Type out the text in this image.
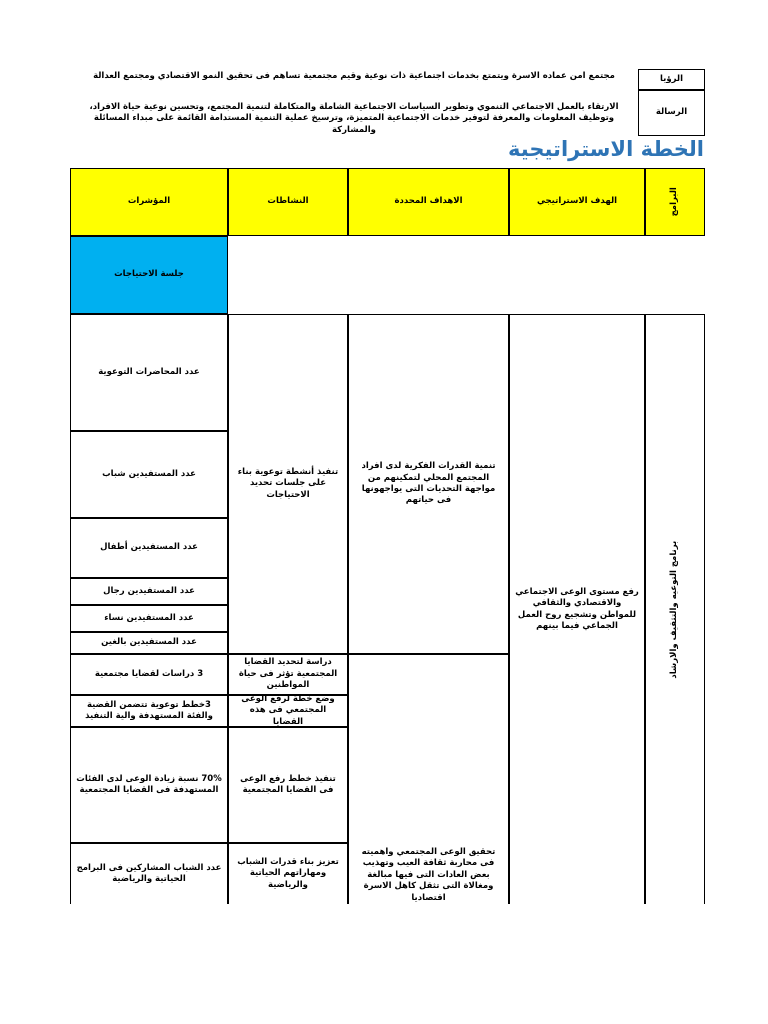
الرؤيا
الرسالة
مجتمع امن عماده الاسرة ويتمتع بخدمات اجتماعية ذات نوعية وقيم مجتمعية تساهم فى تحقيق النمو الاقتصادي ومجتمع العدالة
الارتقاء بالعمل الاجتماعي التنموي وتطوير السياسات الاجتماعية الشاملة والمتكاملة لتنمية المجتمع، وتحسين نوعية حياة الافراد، وتوظيف المعلومات والمعرفة لتوفير خدمات الاجتماعية المتميزة، وترسيخ عملية التنمية المستدامة القائمة على مبداء المسائلة والمشاركة
الخطة الاستراتيجية
البرامج
الهدف الاستراتيجي
الاهداف المحددة
النشاطات
المؤشرات
جلسة الاحتياجات
برنامج التوعيه والتثقيف والارشاد
رفع مستوى الوعى الاجتماعي والاقتصادي والثقافي للمواطن وتشجيع روح العمل الجماعي فيما بينهم
تنمية القدرات الفكرية لدى افراد المجتمع المحلي لتمكينهم من مواجهة التحديات التى يواجهونها فى حياتهم
تحقيق الوعى المجتمعي واهميته فى محاربة ثقافة العيب وتهذيب بعض العادات التى فيها مبالغة ومغالاة التى تثقل كاهل الاسرة اقتصاديا
تنفيذ أنشطة توعوية بناء على جلسات تحديد الاحتياجات
دراسة لتحديد القضايا المجتمعية تؤثر فى حياة المواطنين
وضع خطة لرفع الوعى المجتمعي فى هذه القضايا
تنفيذ خطط رفع الوعى فى القضايا المجتمعية
تعزيز بناء قدرات الشباب ومهاراتهم الحياتية والرياضية
عدد المحاضرات التوعوية
عدد المستفيدين شباب
عدد المستفيدين أطفال
عدد المستفيدين رجال
عدد المستفيدين نساء
عدد المستفيدين بالغين
3 دراسات لقضايا مجتمعية
3خطط توعوية تتضمن القضية والفئة المستهدفة والية التنفيذ
70% نسبة زيادة الوعى لدى الفئات المستهدفة فى القضايا المجتمعية
عدد الشباب المشاركين فى البرامج الحياتية والرياضية
